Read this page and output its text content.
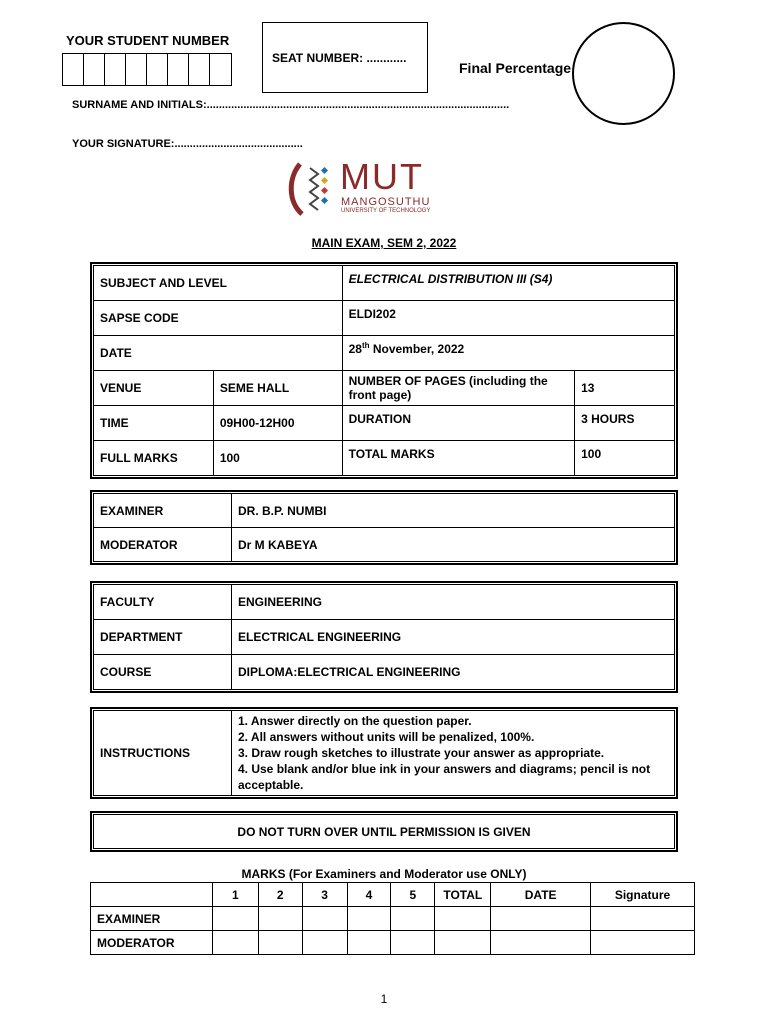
YOUR STUDENT NUMBER
SEAT NUMBER: ............
Final Percentage
SURNAME AND INITIALS:...................................................................................................
YOUR SIGNATURE:..........................................
MUT
MANGOSUTHU
UNIVERSITY OF TECHNOLOGY
MAIN EXAM, SEM 2, 2022
SUBJECT AND LEVEL		ELECTRICAL DISTRIBUTION III (S4)	
SAPSE CODE		ELDI202	
DATE		28th November, 2022	
VENUE	SEME HALL	NUMBER OF PAGES (including the front page)	13
TIME	09H00-12H00	DURATION	3 HOURS
FULL MARKS	100	TOTAL MARKS	100
EXAMINER	DR. B.P. NUMBI
MODERATOR	Dr M KABEYA
FACULTY	ENGINEERING
DEPARTMENT	ELECTRICAL ENGINEERING
COURSE	DIPLOMA:ELECTRICAL ENGINEERING
INSTRUCTIONS	
1. Answer directly on the question paper.
2. All answers without units will be penalized, 100%.
3. Draw rough sketches to illustrate your answer as appropriate.
4. Use blank and/or blue ink in your answers and diagrams; pencil is not acceptable.
DO NOT TURN OVER UNTIL PERMISSION IS GIVEN
MARKS (For Examiners and Moderator use ONLY)
	1	2	3	4	5	TOTAL	DATE	Signature
EXAMINER								
MODERATOR								
1
